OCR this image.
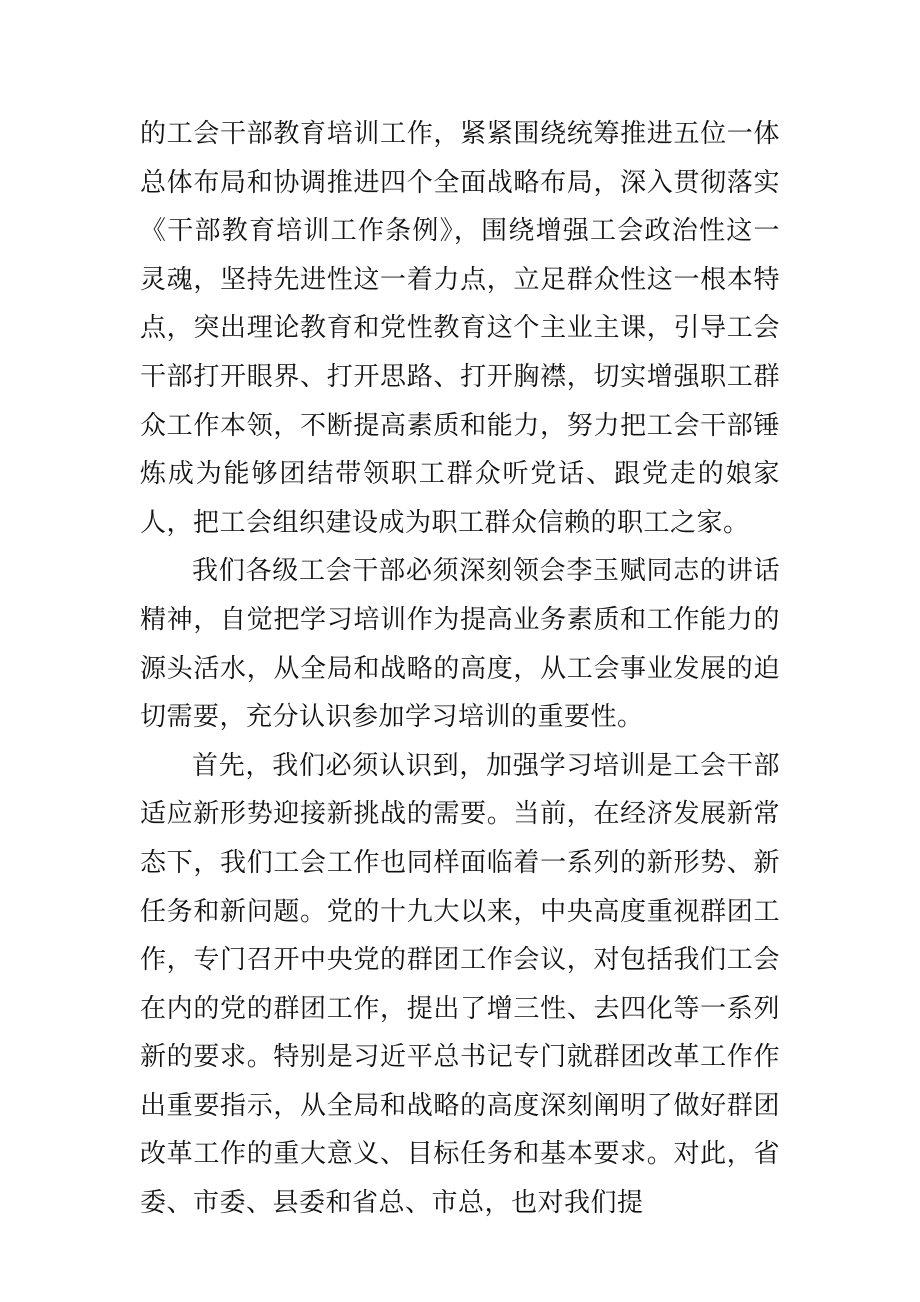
的工会干部教育培训工作，紧紧围绕统筹推进五位一体总体布局和协调推进四个全面战略布局，深入贯彻落实《干部教育培训工作条例》，围绕增强工会政治性这一灵魂，坚持先进性这一着力点，立足群众性这一根本特点，突出理论教育和党性教育这个主业主课，引导工会干部打开眼界、打开思路、打开胸襟，切实增强职工群众工作本领，不断提高素质和能力，努力把工会干部锤炼成为能够团结带领职工群众听党话、跟党走的娘家人，把工会组织建设成为职工群众信赖的职工之家。

我们各级工会干部必须深刻领会李玉赋同志的讲话精神，自觉把学习培训作为提高业务素质和工作能力的源头活水，从全局和战略的高度，从工会事业发展的迫切需要，充分认识参加学习培训的重要性。

首先，我们必须认识到，加强学习培训是工会干部适应新形势迎接新挑战的需要。当前，在经济发展新常态下，我们工会工作也同样面临着一系列的新形势、新任务和新问题。党的十九大以来，中央高度重视群团工作，专门召开中央党的群团工作会议，对包括我们工会在内的党的群团工作，提出了增三性、去四化等一系列新的要求。特别是习近平总书记专门就群团改革工作作出重要指示，从全局和战略的高度深刻阐明了做好群团改革工作的重大意义、目标任务和基本要求。对此，省委、市委、县委和省总、市总，也对我们提
